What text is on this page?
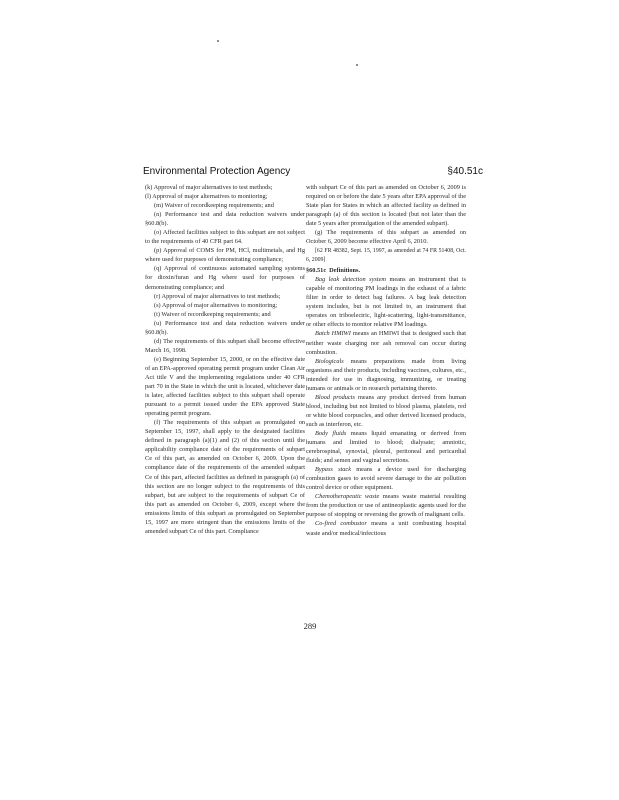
Environmental Protection Agency	§40.51c

(k) Approval of major alternatives to test methods;

(l) Approval of major alternatives to monitoring;

(m) Waiver of recordkeeping requirements; and

(n) Performance test and data reduction waivers under §60.8(b).

(o) Affected facilities subject to this subpart are not subject to the requirements of 40 CFR part 64.

(p) Approval of COMS for PM, HCl, multimetals, and Hg where used for purposes of demonstrating compliance;

(q) Approval of continuous automated sampling systems for dioxin/furan and Hg where used for purposes of demonstrating compliance; and

(r) Approval of major alternatives to test methods;

(s) Approval of major alternatives to monitoring;

(t) Waiver of recordkeeping requirements; and

(u) Performance test and data reduction waivers under §60.8(b).

(d) The requirements of this subpart shall become effective March 16, 1998.

(e) Beginning September 15, 2000, or on the effective date of an EPA-approved operating permit program under Clean Air Act title V and the implementing regulations under 40 CFR part 70 in the State in which the unit is located, whichever date is later, affected facilities subject to this subpart shall operate pursuant to a permit issued under the EPA approved State operating permit program.

(f) The requirements of this subpart as promulgated on September 15, 1997, shall apply to the designated facilities defined in paragraph (a)(1) and (2) of this section until the applicability compliance date of the requirements of subpart Ce of this part, as amended on October 6, 2009. Upon the compliance date of the requirements of the amended subpart Ce of this part, affected facilities as defined in paragraph (a) of this section are no longer subject to the requirements of this subpart, but are subject to the requirements of subpart Ce of this part as amended on October 6, 2009, except where the emissions limits of this subpart as promulgated on September 15, 1997 are more stringent than the emissions limits of the amended subpart Ce of this part. Compliance

with subpart Ce of this part as amended on October 6, 2009 is required on or before the date 5 years after EPA approval of the State plan for States in which an affected facility as defined in paragraph (a) of this section is located (but not later than the date 5 years after promulgation of the amended subpart).

(g) The requirements of this subpart as amended on October 6, 2009 become effective April 6, 2010.

[62 FR 48382, Sept. 15, 1997, as amended at 74 FR 51408, Oct. 6, 2009]

§60.51c Definitions.

Bag leak detection system means an instrument that is capable of monitoring PM loadings in the exhaust of a fabric filter in order to detect bag failures. A bag leak detection system includes, but is not limited to, an instrument that operates on triboelectric, light-scattering, light-transmittance, or other effects to monitor relative PM loadings.

Batch HMIWI means an HMIWI that is designed such that neither waste charging nor ash removal can occur during combustion.

Biologicals means preparations made from living organisms and their products, including vaccines, cultures, etc., intended for use in diagnosing, immunizing, or treating humans or animals or in research pertaining thereto.

Blood products means any product derived from human blood, including but not limited to blood plasma, platelets, red or white blood corpuscles, and other derived licensed products, such as interferon, etc.

Body fluids means liquid emanating or derived from humans and limited to blood; dialysate; amniotic, cerebrospinal, synovial, pleural, peritoneal and pericardial fluids; and semen and vaginal secretions.

Bypass stack means a device used for discharging combustion gases to avoid severe damage to the air pollution control device or other equipment.

Chemotherapeutic waste means waste material resulting from the production or use of antineoplastic agents used for the purpose of stopping or reversing the growth of malignant cells.

Co-fired combustor means a unit combusting hospital waste and/or medical/infectious

289
